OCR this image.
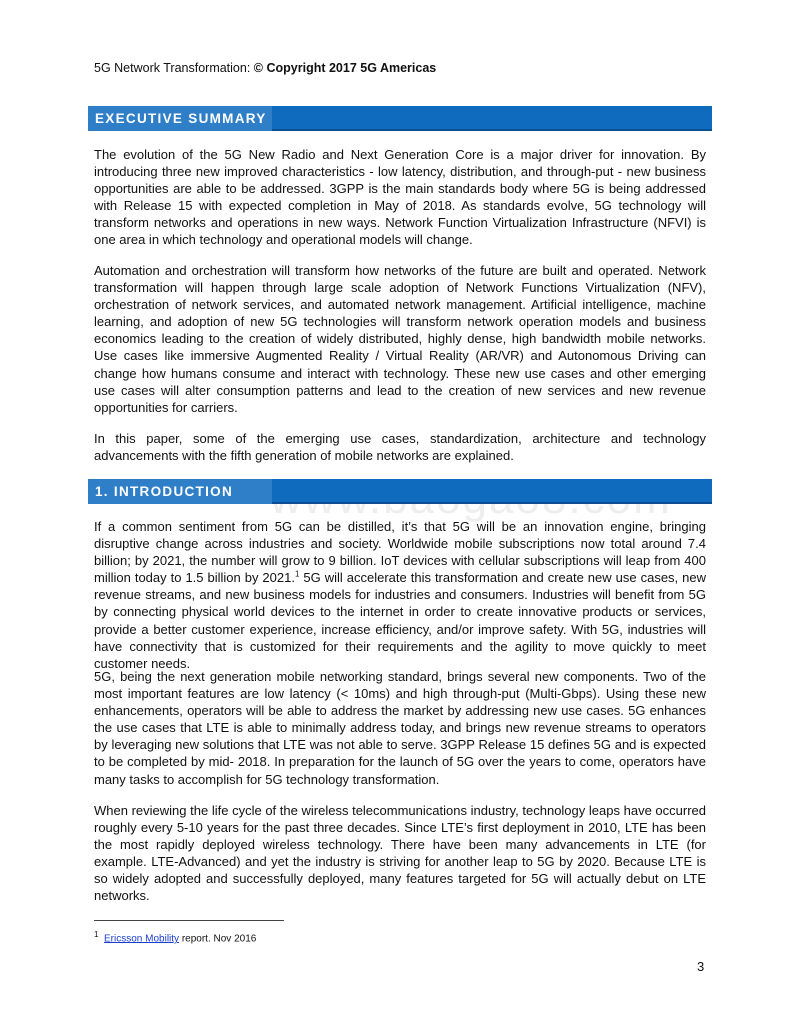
5G Network Transformation: © Copyright 2017 5G Americas
EXECUTIVE SUMMARY

The evolution of the 5G New Radio and Next Generation Core is a major driver for innovation. By introducing three new improved characteristics - low latency, distribution, and through-put - new business opportunities are able to be addressed. 3GPP is the main standards body where 5G is being addressed with Release 15 with expected completion in May of 2018. As standards evolve, 5G technology will transform networks and operations in new ways. Network Function Virtualization Infrastructure (NFVI) is one area in which technology and operational models will change.

Automation and orchestration will transform how networks of the future are built and operated. Network transformation will happen through large scale adoption of Network Functions Virtualization (NFV), orchestration of network services, and automated network management. Artificial intelligence, machine learning, and adoption of new 5G technologies will transform network operation models and business economics leading to the creation of widely distributed, highly dense, high bandwidth mobile networks. Use cases like immersive Augmented Reality / Virtual Reality (AR/VR) and Autonomous Driving can change how humans consume and interact with technology. These new use cases and other emerging use cases will alter consumption patterns and lead to the creation of new services and new revenue opportunities for carriers.

In this paper, some of the emerging use cases, standardization, architecture and technology advancements with the fifth generation of mobile networks are explained.

1. INTRODUCTION

If a common sentiment from 5G can be distilled, it’s that 5G will be an innovation engine, bringing disruptive change across industries and society. Worldwide mobile subscriptions now total around 7.4 billion; by 2021, the number will grow to 9 billion. IoT devices with cellular subscriptions will leap from 400 million today to 1.5 billion by 2021.$^1$ 5G will accelerate this transformation and create new use cases, new revenue streams, and new business models for industries and consumers. Industries will benefit from 5G by connecting physical world devices to the internet in order to create innovative products or services, provide a better customer experience, increase efficiency, and/or improve safety. With 5G, industries will have connectivity that is customized for their requirements and the agility to move quickly to meet customer needs.

5G, being the next generation mobile networking standard, brings several new components. Two of the most important features are low latency (< 10ms) and high through-put (Multi-Gbps). Using these new enhancements, operators will be able to address the market by addressing new use cases. 5G enhances the use cases that LTE is able to minimally address today, and brings new revenue streams to operators by leveraging new solutions that LTE was not able to serve. 3GPP Release 15 defines 5G and is expected to be completed by mid- 2018. In preparation for the launch of 5G over the years to come, operators have many tasks to accomplish for 5G technology transformation.

When reviewing the life cycle of the wireless telecommunications industry, technology leaps have occurred roughly every 5-10 years for the past three decades. Since LTE’s first deployment in 2010, LTE has been the most rapidly deployed wireless technology. There have been many advancements in LTE (for example. LTE-Advanced) and yet the industry is striving for another leap to 5G by 2020. Because LTE is so widely adopted and successfully deployed, many features targeted for 5G will actually debut on LTE networks.

$^1$ Ericsson Mobility report. Nov 2016
3
